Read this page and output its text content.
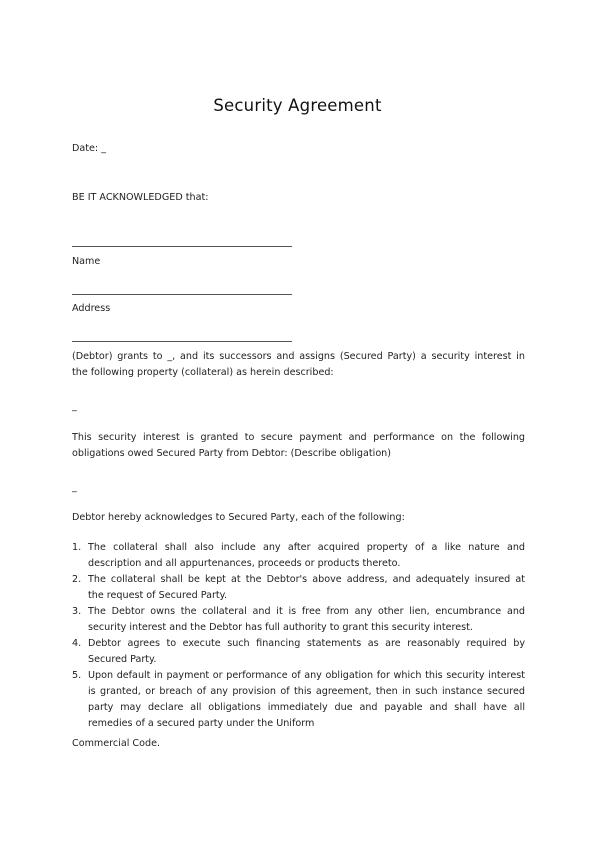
Security Agreement
Date: _
BE IT ACKNOWLEDGED that:
Name
Address
(Debtor) grants to _, and its successors and assigns (Secured Party) a security interest in
the following property (collateral) as herein described:
_
This security interest is granted to secure payment and performance on the following
obligations owed Secured Party from Debtor: (Describe obligation)
_
Debtor hereby acknowledges to Secured Party, each of the following:
1. The collateral shall also include any after acquired property of a like nature and
description and all appurtenances, proceeds or products thereto.
2. The collateral shall be kept at the Debtor's above address, and adequately insured at
the request of Secured Party.
3. The Debtor owns the collateral and it is free from any other lien, encumbrance and
security interest and the Debtor has full authority to grant this security interest.
4. Debtor agrees to execute such financing statements as are reasonably required by
Secured Party.
5. Upon default in payment or performance of any obligation for which this security interest
is granted, or breach of any provision of this agreement, then in such instance secured
party may declare all obligations immediately due and payable and shall have all
remedies of a secured party under the Uniform
Commercial Code.
